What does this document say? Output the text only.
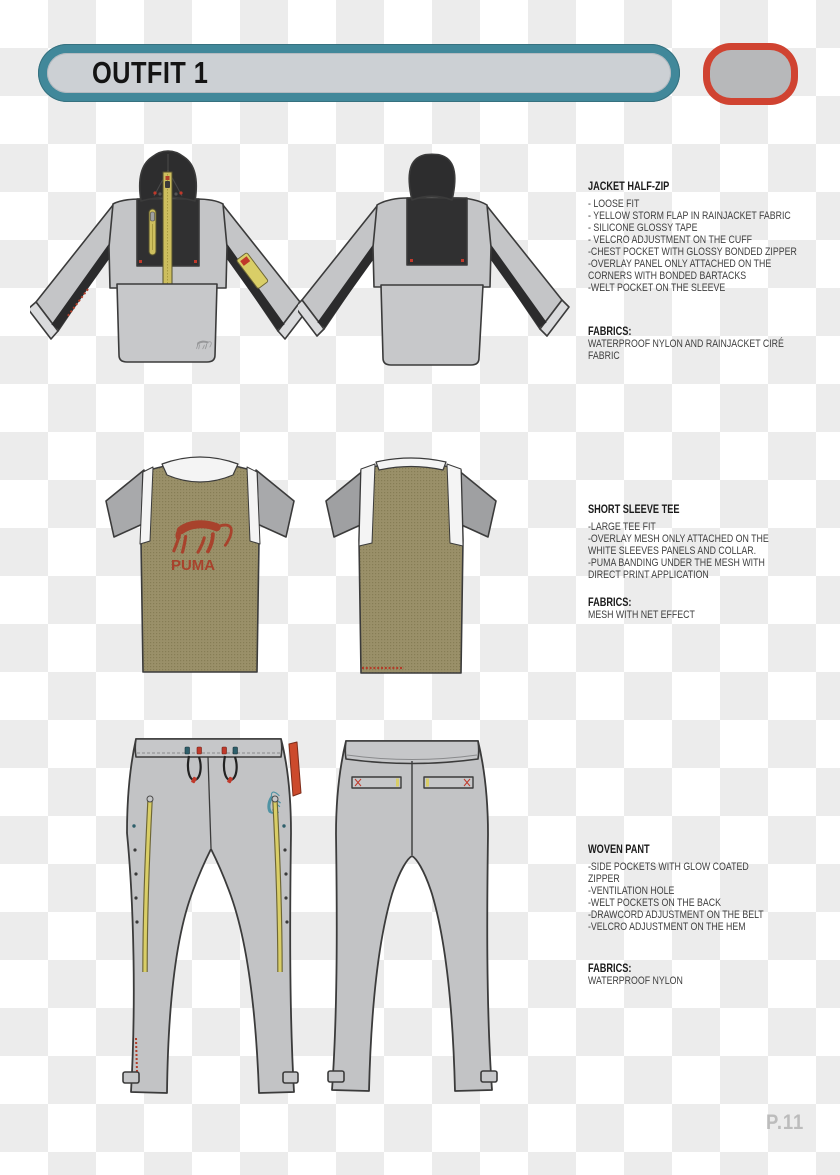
OUTFIT 1
PUMA
JACKET HALF-ZIP
- LOOSE FIT
- YELLOW STORM FLAP IN RAINJACKET FABRIC
- SILICONE GLOSSY TAPE
- VELCRO ADJUSTMENT ON THE CUFF
-CHEST POCKET WITH GLOSSY BONDED ZIPPER
-OVERLAY PANEL ONLY ATTACHED ON THE
CORNERS WITH BONDED BARTACKS
-WELT POCKET ON THE SLEEVE
FABRICS:
WATERPROOF NYLON AND RAINJACKET CIRÉ
FABRIC
SHORT SLEEVE TEE
-LARGE TEE FIT
-OVERLAY MESH ONLY ATTACHED ON THE
WHITE SLEEVES PANELS AND COLLAR.
-PUMA BANDING UNDER THE MESH WITH
DIRECT PRINT APPLICATION
FABRICS:
MESH WITH NET EFFECT
WOVEN PANT
-SIDE POCKETS WITH GLOW COATED
ZIPPER
-VENTILATION HOLE
-WELT POCKETS ON THE BACK
-DRAWCORD ADJUSTMENT ON THE BELT
-VELCRO ADJUSTMENT ON THE HEM
FABRICS:
WATERPROOF NYLON
P.11
